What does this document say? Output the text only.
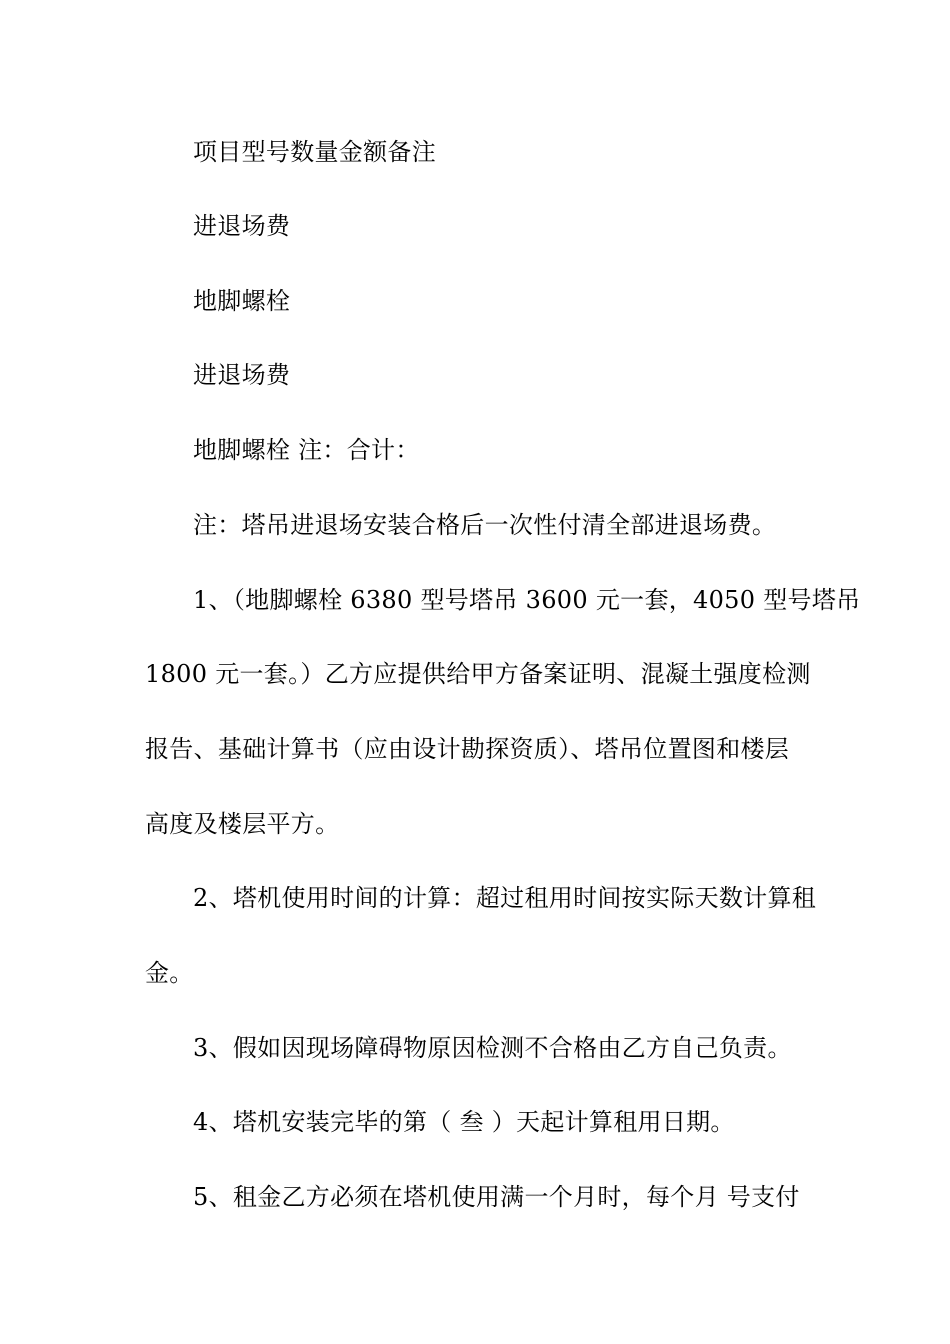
项目型号数量金额备注
进退场费
地脚螺栓
进退场费
地脚螺栓 注：合计：
注：塔吊进退场安装合格后一次性付清全部进退场费。
1、（地脚螺栓 6380 型号塔吊 3600 元一套，4050 型号塔吊
1800 元一套。）乙方应提供给甲方备案证明、混凝土强度检测
报告、基础计算书（应由设计勘探资质）、塔吊位置图和楼层
高度及楼层平方。
2、塔机使用时间的计算：超过租用时间按实际天数计算租
金。
3、假如因现场障碍物原因检测不合格由乙方自己负责。
4、塔机安装完毕的第（ 叁 ）天起计算租用日期。
5、租金乙方必须在塔机使用满一个月时，每个月 号支付
